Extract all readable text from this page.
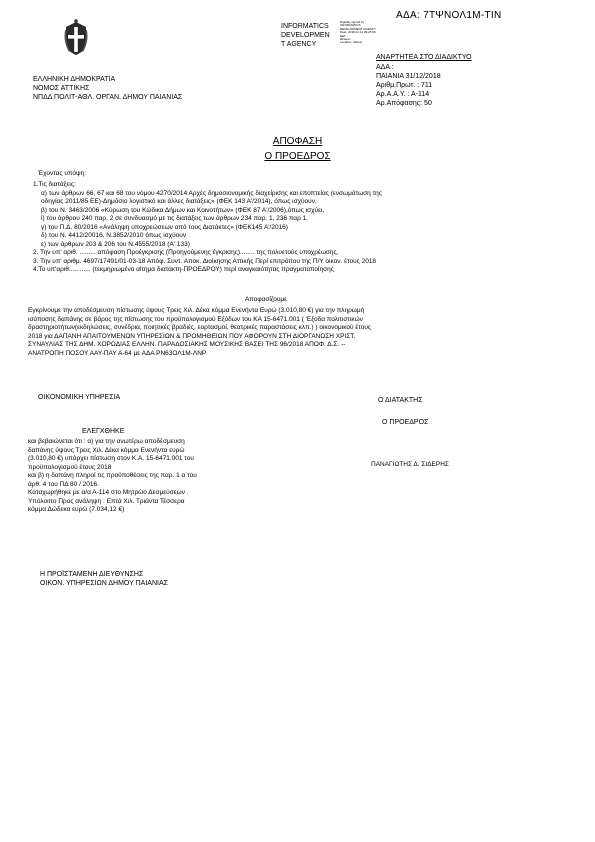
ΑΔΑ: 7ΤΨΝΟΛ1Μ-ΤΙΝ
INFORMATICS
DEVELOPMEN
T AGENCY
Digitally signed by
INFORMATICS
DEVELOPMENT AGENCY
Date: 2018.12.31 09:25:59
EET
Reason:
Location: Athens
ΕΛΛΗΝΙΚΗ ΔΗΜΟΚΡΑΤΙΑ
ΝΟΜΟΣ ΑΤΤΙΚΗΣ
ΝΠΔΔ ΠΟΛΙΤ-ΑΘΛ. ΟΡΓΑΝ. ΔΗΜΟΥ ΠΑΙΑΝΙΑΣ
ΑΝΑΡΤΗΤΕΑ ΣΤΟ ΔΙΑΔΙΚΤΥΟ
ΑΔΑ :
ΠΑΙΑΝΙΑ 31/12/2018
Αριθμ.Πρωτ. : 711
Αρ.Α.Α.Υ. : Α-114
Αρ.Απόφασης: 50
ΑΠΟΦΑΣΗ
Ο ΠΡΟΕΔΡΟΣ
Έχοντας υπόψη:
1.Τις διατάξεις:
α) των άρθρων 66, 67 και 68 του νόμου 4270/2014 Αρχές δημοσιονομικής διαχείρισης και εποπτείας (ενσωμάτωση της
οδηγίας 2011/85 ΕΕ)-Δημόσιο λογιστικό και άλλες διατάξεις» (ΦΕΚ 143 Α'/2014), όπως ισχύουν,
β) του Ν. 3463/2006 «Κύρωση του Κώδικα Δήμων και Κοινοτήτων» (ΦΕΚ 87 Α'/2006),όπως ισχύει,
ί) του άρθρου 240 παρ. 2 σε συνδυασμό με τις διατάξεις των άρθρων 234 παρ. 1, 236 παρ 1.
γ) του Π.Δ. 80/2016 «Ανάληψη υποχρεώσεων από τους Διατάκτες» (ΦΕΚ145 Α'/2016)
δ) του Ν. 4412/20016, Ν.3852/2010 όπως ισχύουν
ε) των άρθρων 203 & 206 του Ν.4555/2018 (Α' 133)
2. Την υπ' αριθ. ......... απόφαση Προέγκρισης (Προηγούμενης έγκρισης)........ της πολυετούς υποχρέωσης,
3. Την υπ' αριθμ. 4697/17491/01-03-18 Απόφ. Συντ. Αποκ. Διοίκησης Αττικής Περί επιτρόπου της Π/Υ οικον. έτους 2018
4.Το υπ'αριθ............ (τεκμηριωμένο αίτημα διατάκτη-ΠΡΟΕΔΡΟΥ) περί αναγκαιότητας πραγματοποίησης
Αποφασίζουμε
Εγκρίνουμε την αποδέσμευση πίστωσης ύψους Τρεις Χιλ. Δέκα κόμμα Ενενήντα Ευρώ (3.010,80 €) για την πληρωμή
ισόποσης δαπάνης σε βάρος της πίστωσης του προϋπολογισμού Εξόδων του ΚΑ 15-6471.001 ( 'Εξοδα πολιτιστικών
δραστηριοτήτων(εκδηλώσεις, συνέδρια, ποιητικές βραδιές, εορτασμοί, θεατρικές παραστάσεις κλπ.) ) οικονομικού έτους
2018 για ΔΑΠΑΝΗ ΑΠΑΙΤΟΥΜΕΝΩΝ ΥΠΗΡΕΣΙΩΝ & ΠΡΟΜΗΘΕΙΩΝ ΠΟΥ ΑΦΟΡΟΥΝ ΣΤΗ ΔΙΟΡΓΑΝΩΣΗ ΧΡΙΣΤ.
ΣΥΝΑΥΛΙΑΣ ΤΗΣ ΔΗΜ. ΧΟΡΩΔΙΑΣ ΕΛΛΗΝ. ΠΑΡΑΔΟΣΙΑΚΗΣ ΜΟΥΣΙΚΗΣ ΒΑΣΕΙ ΤΗΣ 96/2018 ΑΠΟΦ. Δ.Σ. --
ΑΝΑΤΡΟΠΗ ΠΟΣΟΥ ΑΑΥ-ΠΑΥ Α-64 με ΑΔΑ ΡΝ63ΟΛ1Μ-ΛΝΡ
ΟΙΚΟΝΟΜΙΚΗ ΥΠΗΡΕΣΙΑ	Ο ΔΙΑΤΑΚΤΗΣ
Ο ΠΡΟΕΔΡΟΣ
ΕΛΕΓΧΘΗΚΕ
και βεβαιώνεται ότι : α) για την ανωτέρω αποδέσμευση
δαπάνης ύψους Τρεις Χιλ. Δέκα κόμμα Ενενήντα ευρώ
(3.010,80 €) υπάρχει πίστωση στον Κ.Α. 15-6471.001 του
προϋπολογισμού έτους 2018
και β) η δαπάνη πληροί τις προϋποθέσεις της παρ. 1 α του
άρθ. 4 του ΠΔ 80 / 2016.
Καταχωρήθηκε με α/α Α-114 στο Μητρώο Δεσμεύσεων .
Υπόλοιπο Προς ανάληψη : Επτά Χιλ. Τριάντα Τέσσερα
κόμμα Δώδεκα ευρώ (7.034,12 €)
ΠΑΝΑΓΙΩΤΗΣ Δ. ΣΙΔΕΡΗΣ
Η ΠΡΟΪΣΤΑΜΕΝΗ ΔΙΕΥΘΥΝΣΗΣ
ΟΙΚΟΝ. ΥΠΗΡΕΣΙΩΝ ΔΗΜΟΥ ΠΑΙΑΝΙΑΣ
